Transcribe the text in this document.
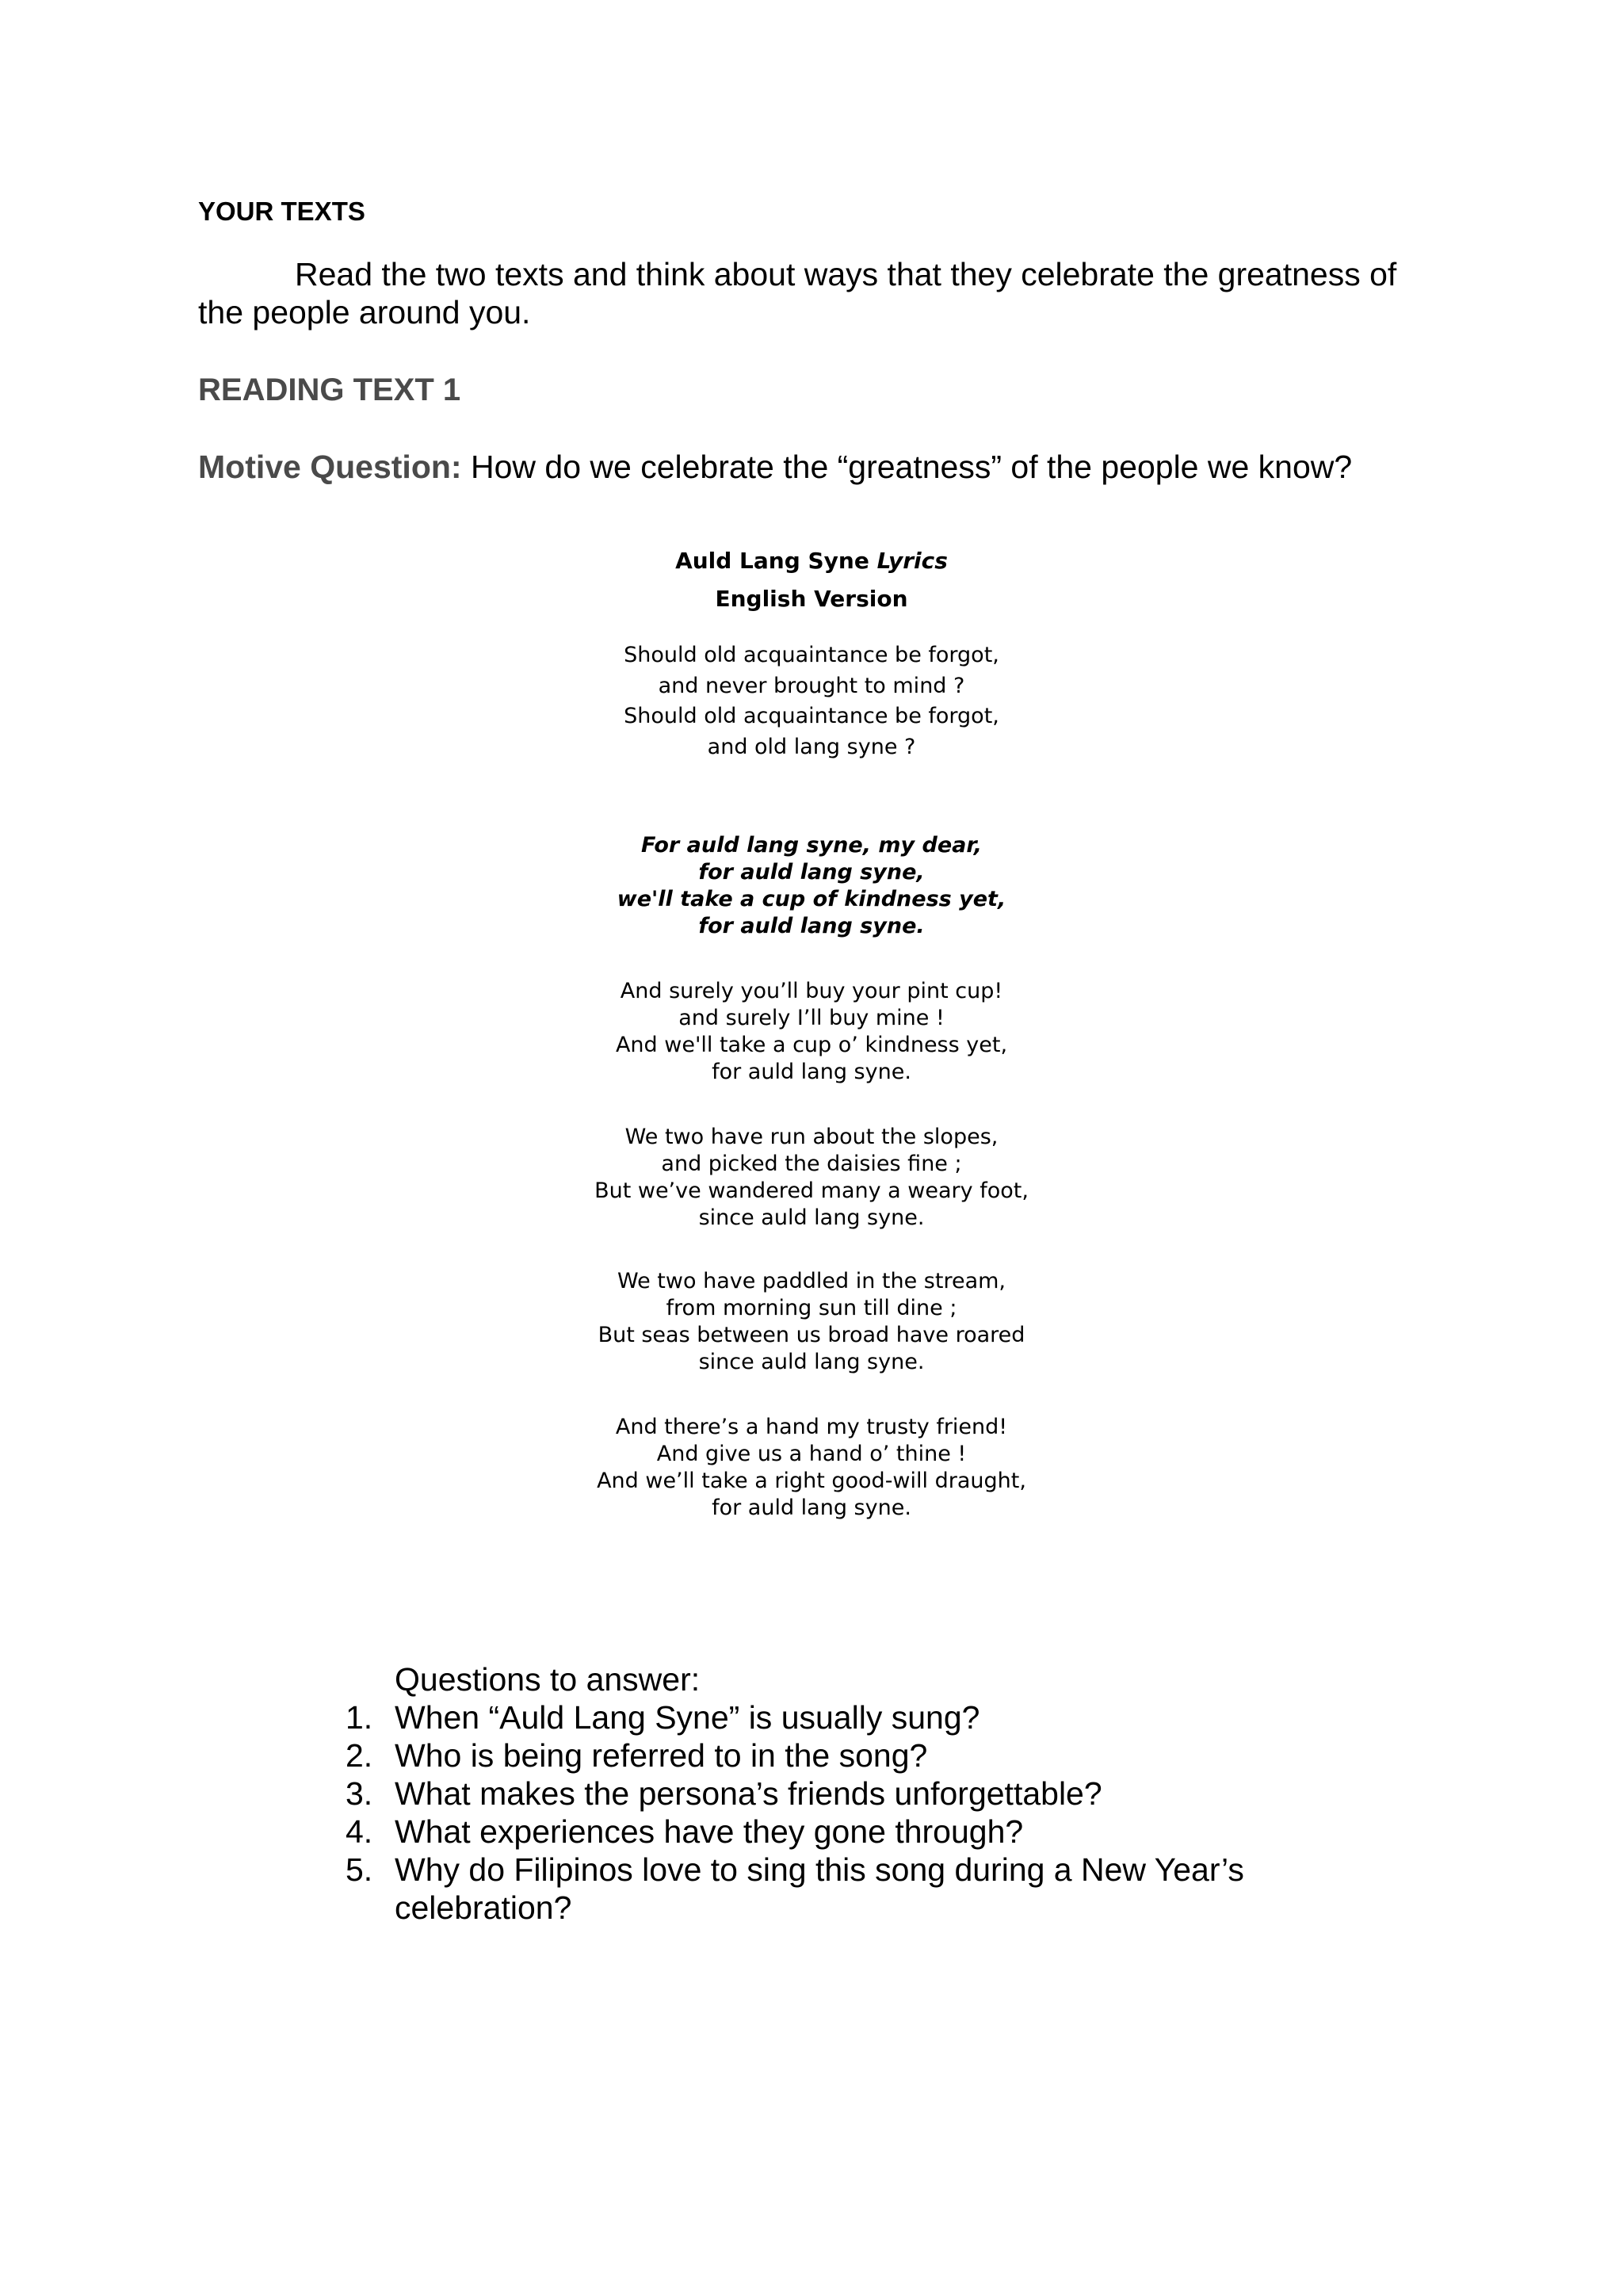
YOUR TEXTS

Read the two texts and think about ways that they celebrate the greatness of the people around you.

READING TEXT 1
Motive Question: How do we celebrate the “greatness” of the people we know?
Auld Lang Syne Lyrics
English Version
Should old acquaintance be forgot,
and never brought to mind ?
Should old acquaintance be forgot,
and old lang syne ?
For auld lang syne, my dear,
for auld lang syne,
we'll take a cup of kindness yet,
for auld lang syne.
And surely you’ll buy your pint cup!
and surely I’ll buy mine !
And we'll take a cup o’ kindness yet,
for auld lang syne.
We two have run about the slopes,
and picked the daisies fine ;
But we’ve wandered many a weary foot,
since auld lang syne.
We two have paddled in the stream,
from morning sun till dine ;
But seas between us broad have roared
since auld lang syne.
And there’s a hand my trusty friend!
And give us a hand o’ thine !
And we’ll take a right good-will draught,
for auld lang syne.
Questions to answer:
1. When “Auld Lang Syne” is usually sung?
2. Who is being referred to in the song?
3. What makes the persona’s friends unforgettable?
4. What experiences have they gone through?
5. Why do Filipinos love to sing this song during a New Year’s celebration?
